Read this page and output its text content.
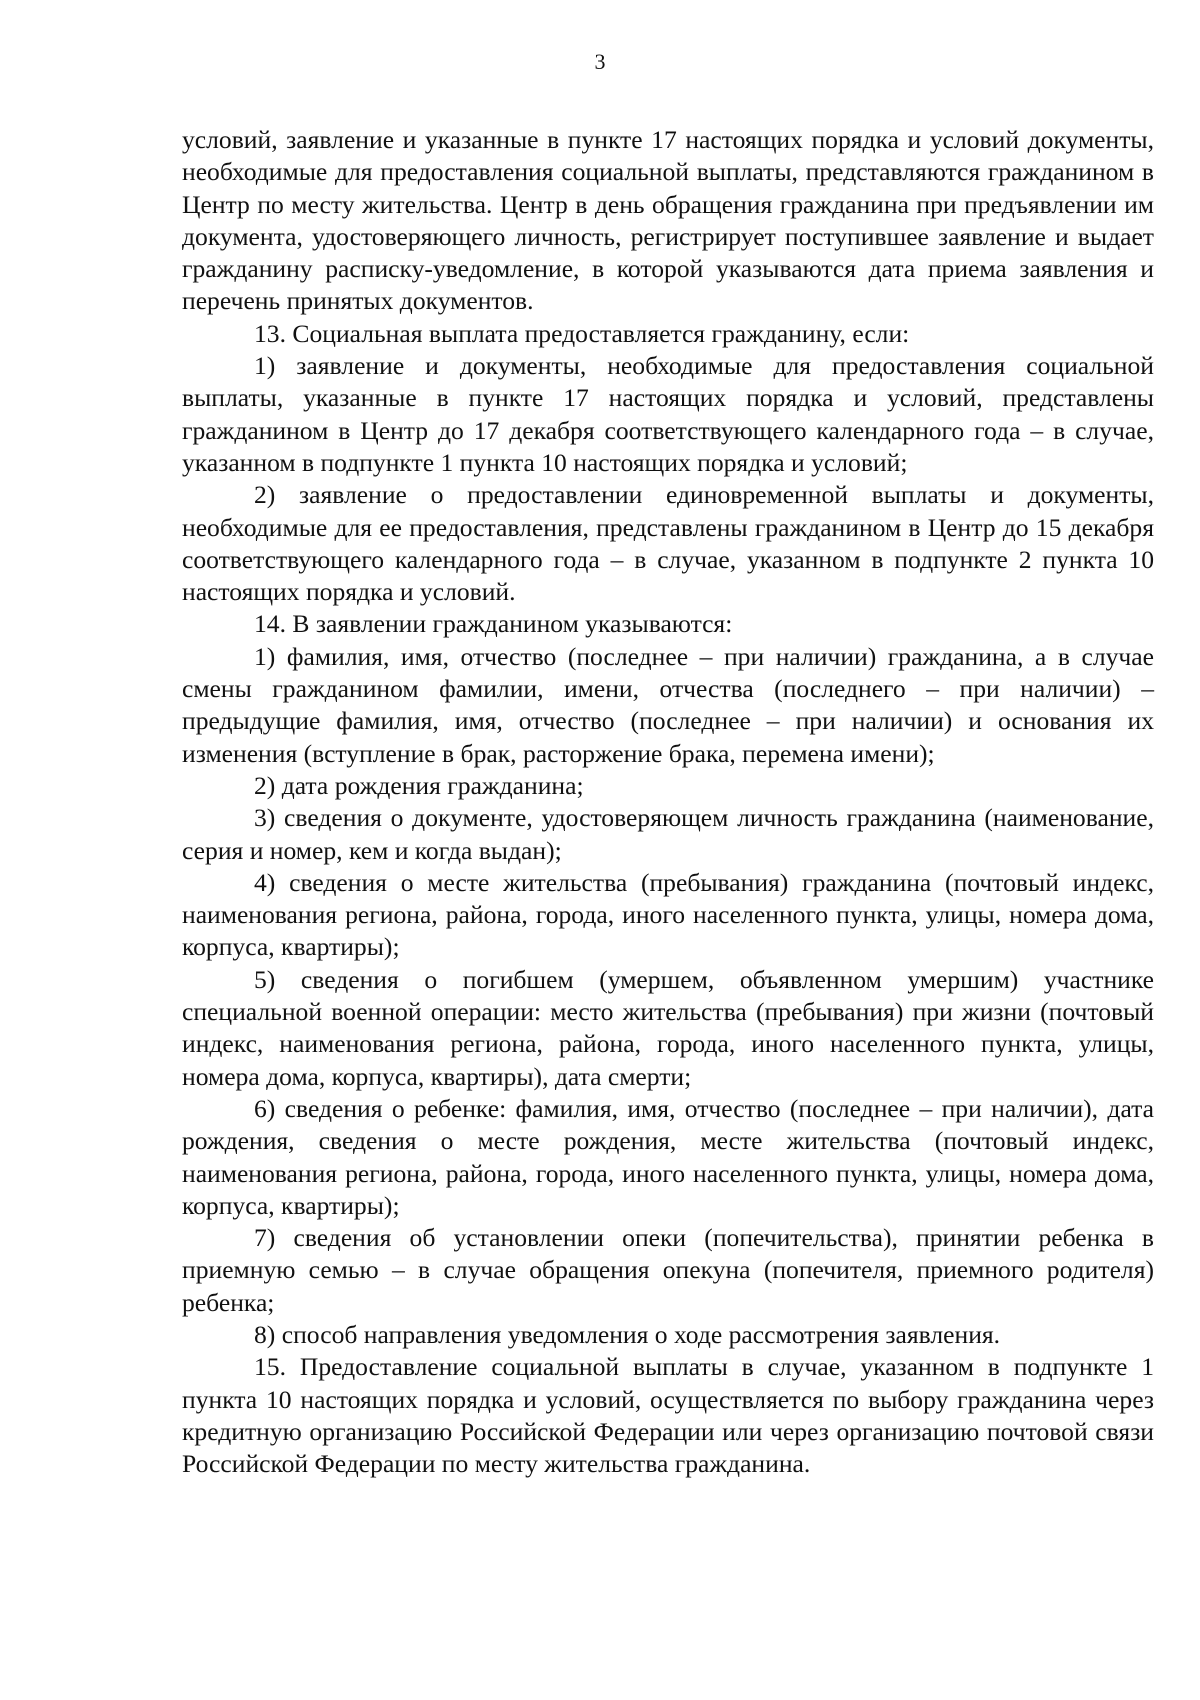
3

условий, заявление и указанные в пункте 17 настоящих порядка и условий документы, необходимые для предоставления социальной выплаты, представляются гражданином в Центр по месту жительства. Центр в день обращения гражданина при предъявлении им документа, удостоверяющего личность, регистрирует поступившее заявление и выдает гражданину расписку-уведомление, в которой указываются дата приема заявления и перечень принятых документов.

13. Социальная выплата предоставляется гражданину, если:

1) заявление и документы, необходимые для предоставления социальной выплаты, указанные в пункте 17 настоящих порядка и условий, представлены гражданином в Центр до 17 декабря соответствующего календарного года – в случае, указанном в подпункте 1 пункта 10 настоящих порядка и условий;

2) заявление о предоставлении единовременной выплаты и документы, необходимые для ее предоставления, представлены гражданином в Центр до 15 декабря соответствующего календарного года – в случае, указанном в подпункте 2 пункта 10 настоящих порядка и условий.

14. В заявлении гражданином указываются:

1) фамилия, имя, отчество (последнее – при наличии) гражданина, а в случае смены гражданином фамилии, имени, отчества (последнего – при наличии) – предыдущие фамилия, имя, отчество (последнее – при наличии) и основания их изменения (вступление в брак, расторжение брака, перемена имени);

2) дата рождения гражданина;

3) сведения о документе, удостоверяющем личность гражданина (наименование, серия и номер, кем и когда выдан);

4) сведения о месте жительства (пребывания) гражданина (почтовый индекс, наименования региона, района, города, иного населенного пункта, улицы, номера дома, корпуса, квартиры);

5) сведения о погибшем (умершем, объявленном умершим) участнике специальной военной операции: место жительства (пребывания) при жизни (почтовый индекс, наименования региона, района, города, иного населенного пункта, улицы, номера дома, корпуса, квартиры), дата смерти;

6) сведения о ребенке: фамилия, имя, отчество (последнее – при наличии), дата рождения, сведения о месте рождения, месте жительства (почтовый индекс, наименования региона, района, города, иного населенного пункта, улицы, номера дома, корпуса, квартиры);

7) сведения об установлении опеки (попечительства), принятии ребенка в приемную семью – в случае обращения опекуна (попечителя, приемного родителя) ребенка;

8) способ направления уведомления о ходе рассмотрения заявления.

15. Предоставление социальной выплаты в случае, указанном в подпункте 1 пункта 10 настоящих порядка и условий, осуществляется по выбору гражданина через кредитную организацию Российской Федерации или через организацию почтовой связи Российской Федерации по месту жительства гражданина.
